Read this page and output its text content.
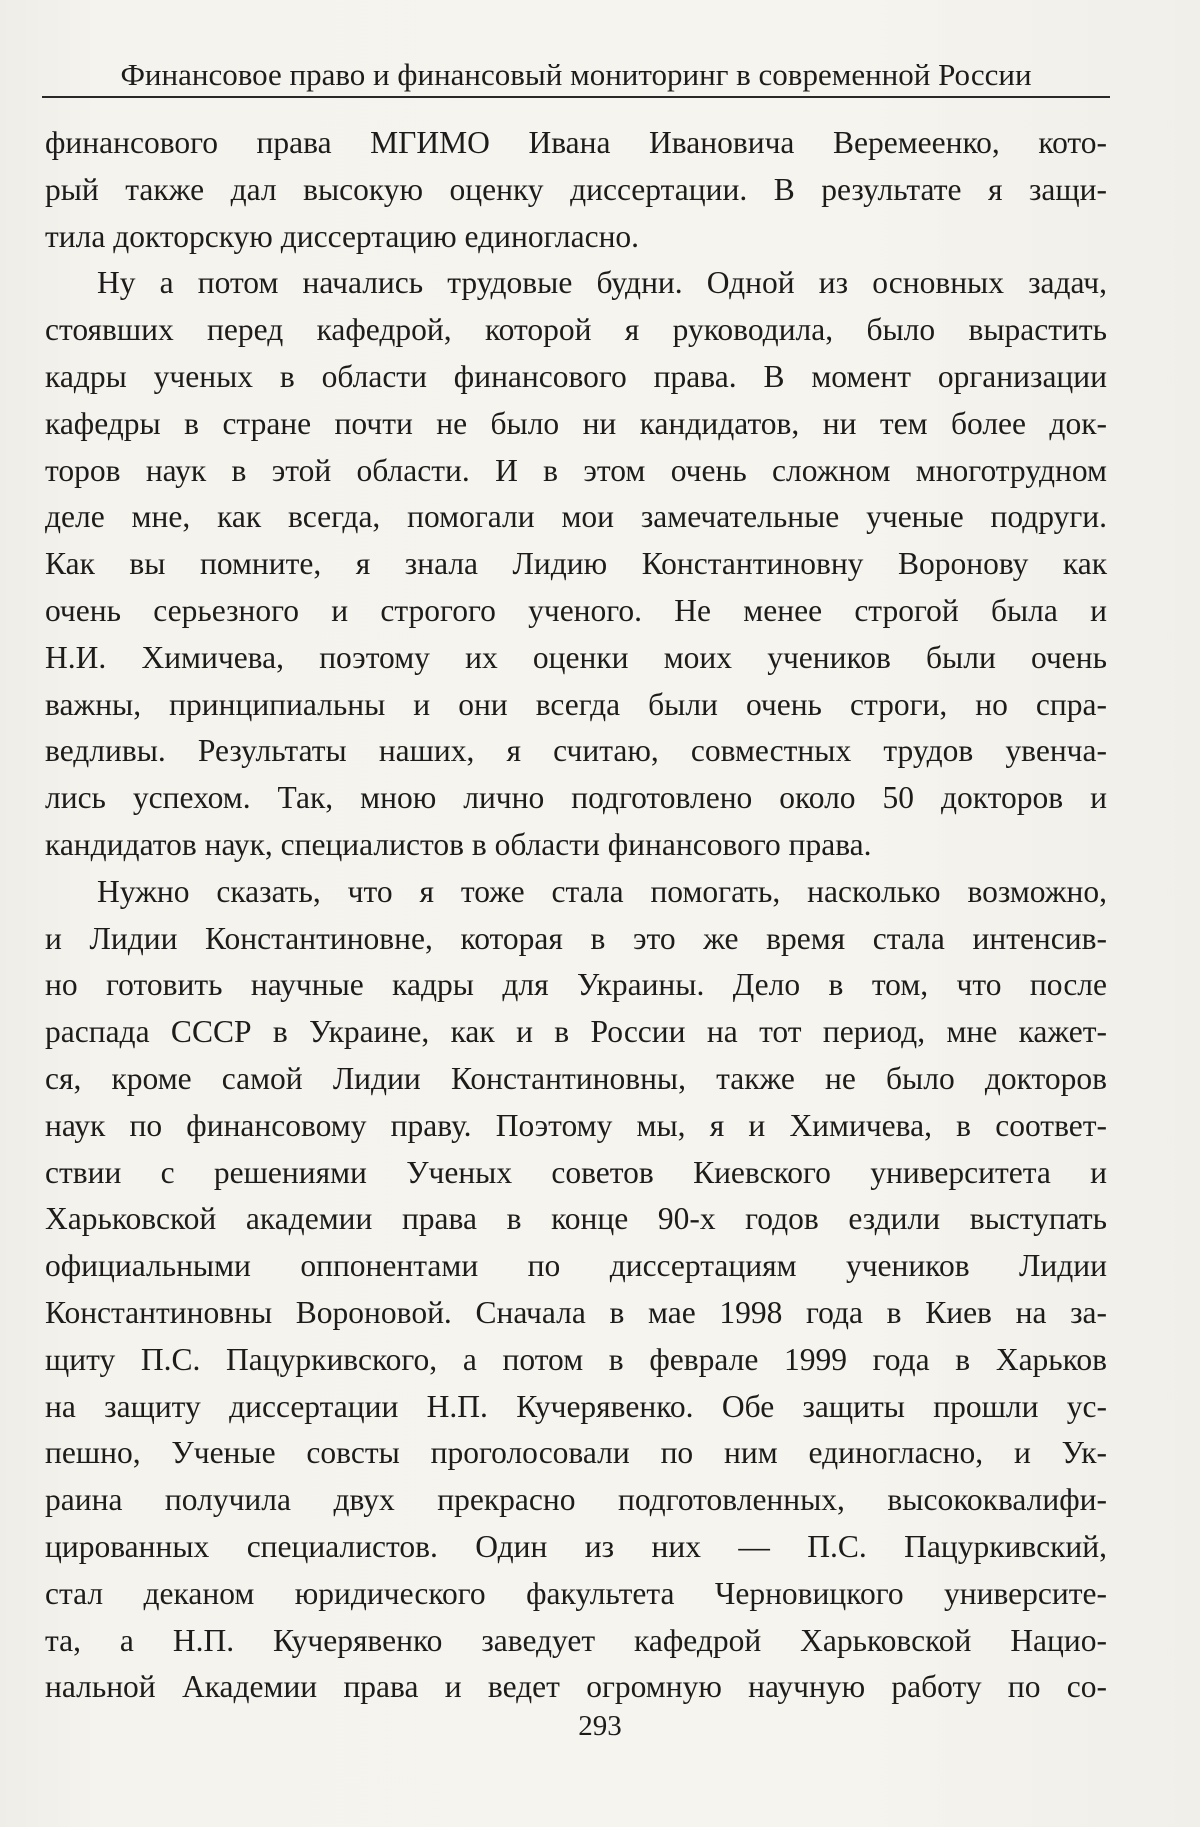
Финансовое право и финансовый мониторинг в современной России
финансового права МГИМО Ивана Ивановича Веремеенко, кото-
рый также дал высокую оценку диссертации. В результате я защи-
тила докторскую диссертацию единогласно.
Ну а потом начались трудовые будни. Одной из основных задач,
стоявших перед кафедрой, которой я руководила, было вырастить
кадры ученых в области финансового права. В момент организации
кафедры в стране почти не было ни кандидатов, ни тем более док-
торов наук в этой области. И в этом очень сложном многотрудном
деле мне, как всегда, помогали мои замечательные ученые подруги.
Как вы помните, я знала Лидию Константиновну Воронову как
очень серьезного и строгого ученого. Не менее строгой была и
Н.И. Химичева, поэтому их оценки моих учеников были очень
важны, принципиальны и они всегда были очень строги, но спра-
ведливы. Результаты наших, я считаю, совместных трудов увенча-
лись успехом. Так, мною лично подготовлено около 50 докторов и
кандидатов наук, специалистов в области финансового права.
Нужно сказать, что я тоже стала помогать, насколько возможно,
и Лидии Константиновне, которая в это же время стала интенсив-
но готовить научные кадры для Украины. Дело в том, что после
распада СССР в Украине, как и в России на тот период, мне кажет-
ся, кроме самой Лидии Константиновны, также не было докторов
наук по финансовому праву. Поэтому мы, я и Химичева, в соответ-
ствии с решениями Ученых советов Киевского университета и
Харьковской академии права в конце 90-х годов ездили выступать
официальными оппонентами по диссертациям учеников Лидии
Константиновны Вороновой. Сначала в мае 1998 года в Киев на за-
щиту П.С. Пацуркивского, а потом в феврале 1999 года в Харьков
на защиту диссертации Н.П. Кучерявенко. Обе защиты прошли ус-
пешно, Ученые совсты проголосовали по ним единогласно, и Ук-
раина получила двух прекрасно подготовленных, высококвалифи-
цированных специалистов. Один из них — П.С. Пацуркивский,
стал деканом юридического факультета Черновицкого университе-
та, а Н.П. Кучерявенко заведует кафедрой Харьковской Нацио-
нальной Академии права и ведет огромную научную работу по со-
293
